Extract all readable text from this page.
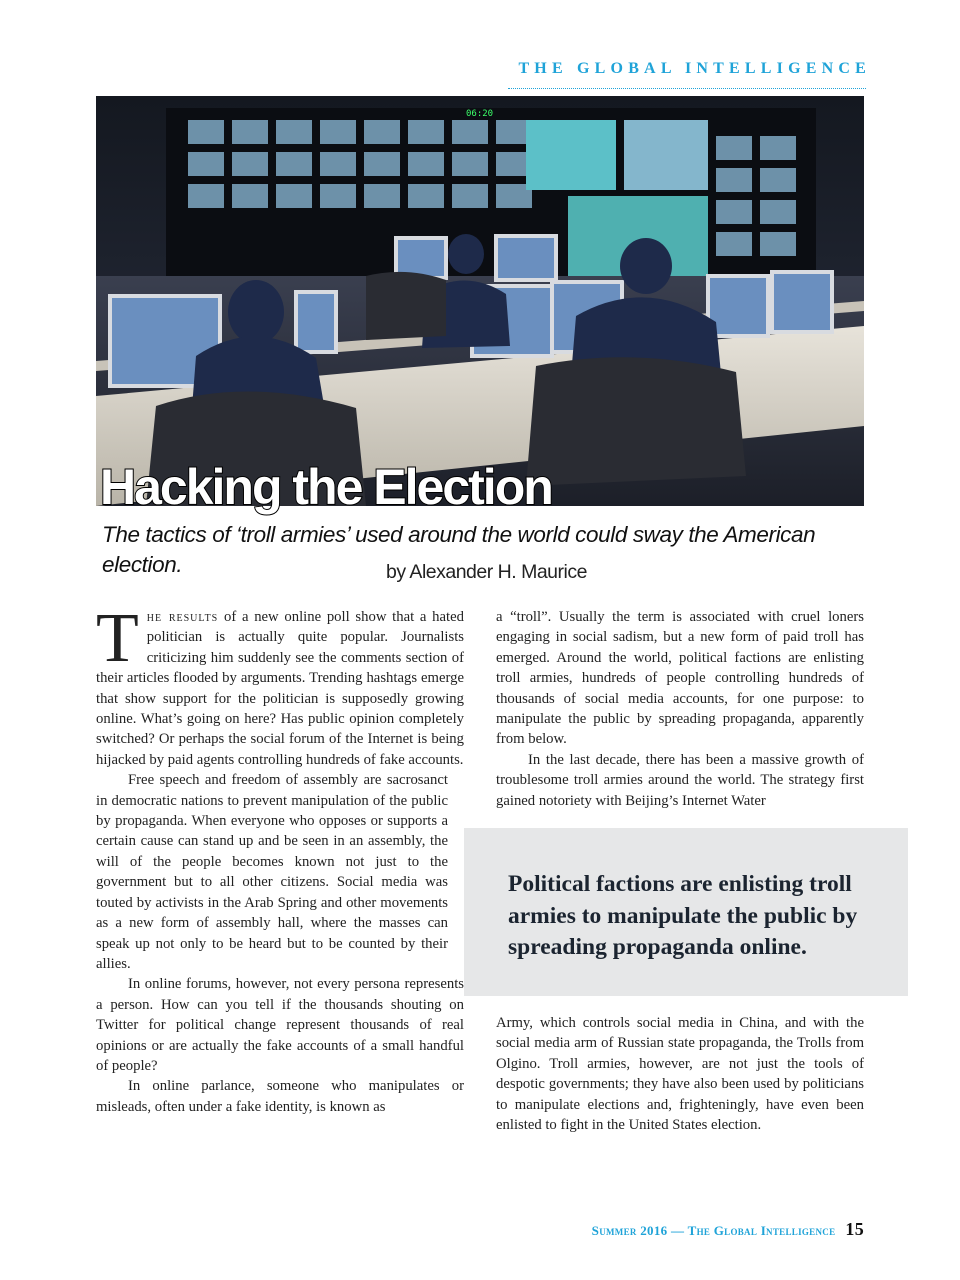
THE GLOBAL INTELLIGENCE
06:20
Hacking the Election

The tactics of ‘troll armies’ used around the world could sway the American election.	by Alexander H. Maurice

The results of a new online poll show that a hated politician is actually quite popular. Journalists criticizing him suddenly see the comments section of their articles flooded by arguments. Trending hashtags emerge that show support for the politician is supposedly growing online. What’s going on here? Has public opinion completely switched? Or perhaps the social forum of the Internet is being hijacked by paid agents controlling hundreds of fake accounts.

Free speech and freedom of assembly are sacrosanct in democratic nations to prevent manipulation of the public by propaganda. When everyone who opposes or supports a certain cause can stand up and be seen in an assembly, the will of the people becomes known not just to the government but to all other citizens. Social media was touted by activists in the Arab Spring and other movements as a new form of assembly hall, where the masses can speak up not only to be heard but to be counted by their allies.

In online forums, however, not every persona represents a person. How can you tell if the thousands shouting on Twitter for political change represent thousands of real opinions or are actually the fake accounts of a small handful of people?

In online parlance, someone who manipulates or misleads, often under a fake identity, is known as

a “troll”. Usually the term is associated with cruel loners engaging in social sadism, but a new form of paid troll has emerged. Around the world, political factions are enlisting troll armies, hundreds of people controlling hundreds of thousands of social media accounts, for one purpose: to manipulate the public by spreading propaganda, apparently from below.

In the last decade, there has been a massive growth of troublesome troll armies around the world. The strategy first gained notoriety with Beijing’s Internet Water

Political factions are enlisting troll armies to manipulate the public by spreading propaganda online.

Army, which controls social media in China, and with the social media arm of Russian state propaganda, the Trolls from Olgino. Troll armies, however, are not just the tools of despotic governments; they have also been used by politicians to manipulate elections and, frighteningly, have even been enlisted to fight in the United States election.

Summer 2016 — The Global Intelligence 15
